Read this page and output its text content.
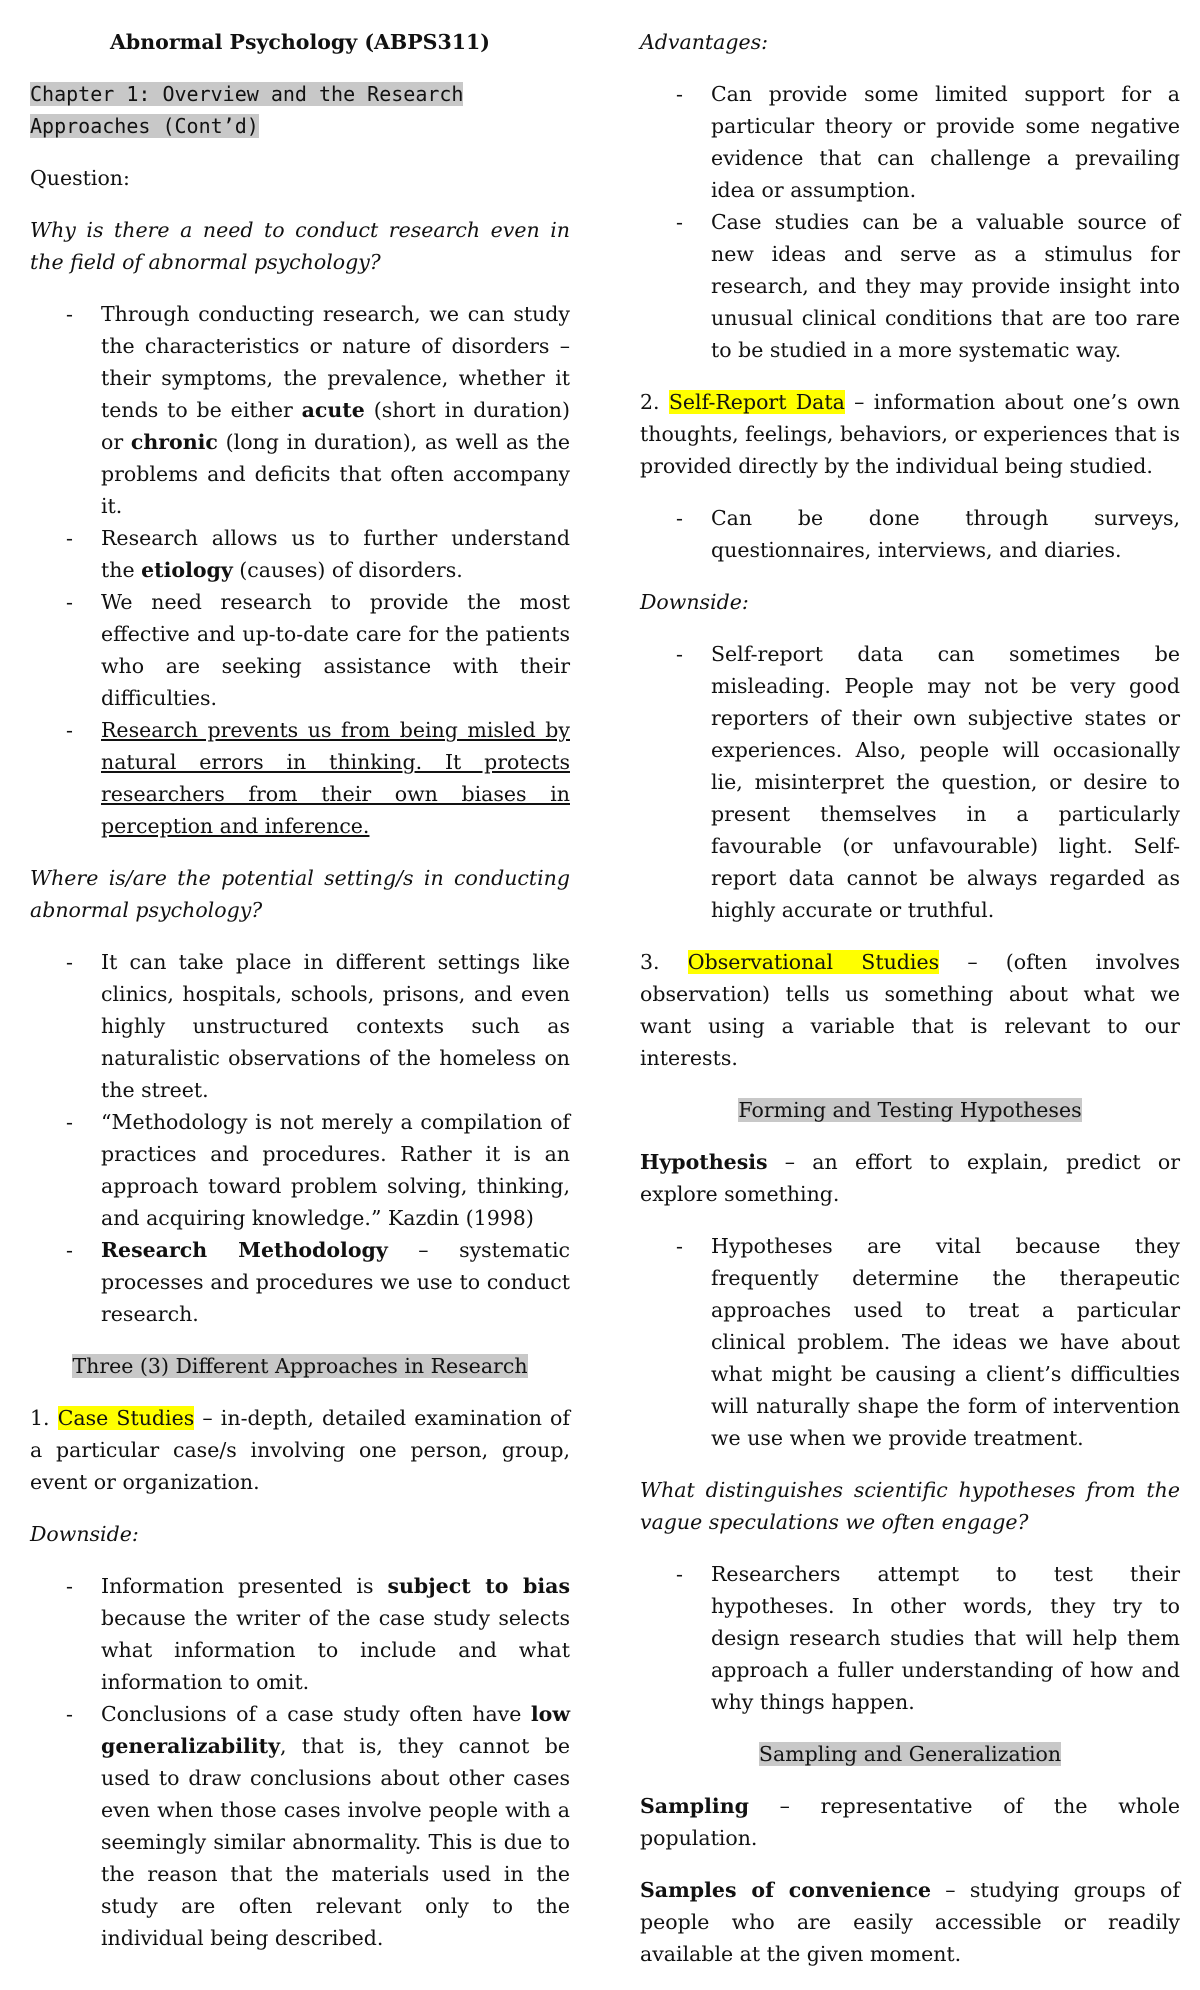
Abnormal Psychology (ABPS311)

Chapter 1: Overview and the Research Approaches (Cont’d)

Question:

Why is there a need to conduct research even in the field of abnormal psychology?

- Through conducting research, we can study the characteristics or nature of disorders – their symptoms, the prevalence, whether it tends to be either acute (short in duration) or chronic (long in duration), as well as the problems and deficits that often accompany it.
- Research allows us to further understand the etiology (causes) of disorders.
- We need research to provide the most effective and up-to-date care for the patients who are seeking assistance with their difficulties.
- Research prevents us from being misled by natural errors in thinking. It protects researchers from their own biases in perception and inference.

Where is/are the potential setting/s in conducting abnormal psychology?

- It can take place in different settings like clinics, hospitals, schools, prisons, and even highly unstructured contexts such as naturalistic observations of the homeless on the street.
- “Methodology is not merely a compilation of practices and procedures. Rather it is an approach toward problem solving, thinking, and acquiring knowledge.” Kazdin (1998)
- Research Methodology – systematic processes and procedures we use to conduct research.

Three (3) Different Approaches in Research

1. Case Studies – in-depth, detailed examination of a particular case/s involving one person, group, event or organization.

Downside:

- Information presented is subject to bias because the writer of the case study selects what information to include and what information to omit.
- Conclusions of a case study often have low generalizability, that is, they cannot be used to draw conclusions about other cases even when those cases involve people with a seemingly similar abnormality. This is due to the reason that the materials used in the study are often relevant only to the individual being described.

Advantages:

- Can provide some limited support for a particular theory or provide some negative evidence that can challenge a prevailing idea or assumption.
- Case studies can be a valuable source of new ideas and serve as a stimulus for research, and they may provide insight into unusual clinical conditions that are too rare to be studied in a more systematic way.

2. Self-Report Data – information about one’s own thoughts, feelings, behaviors, or experiences that is provided directly by the individual being studied.

- Can be done through surveys, questionnaires, interviews, and diaries.

Downside:

- Self-report data can sometimes be misleading. People may not be very good reporters of their own subjective states or experiences. Also, people will occasionally lie, misinterpret the question, or desire to present themselves in a particularly favourable (or unfavourable) light. Self-report data cannot be always regarded as highly accurate or truthful.

3. Observational Studies – (often involves observation) tells us something about what we want using a variable that is relevant to our interests.

Forming and Testing Hypotheses

Hypothesis – an effort to explain, predict or explore something.

- Hypotheses are vital because they frequently determine the therapeutic approaches used to treat a particular clinical problem. The ideas we have about what might be causing a client’s difficulties will naturally shape the form of intervention we use when we provide treatment.

What distinguishes scientific hypotheses from the vague speculations we often engage?

- Researchers attempt to test their hypotheses. In other words, they try to design research studies that will help them approach a fuller understanding of how and why things happen.

Sampling and Generalization

Sampling – representative of the whole population.

Samples of convenience – studying groups of people who are easily accessible or readily available at the given moment.
